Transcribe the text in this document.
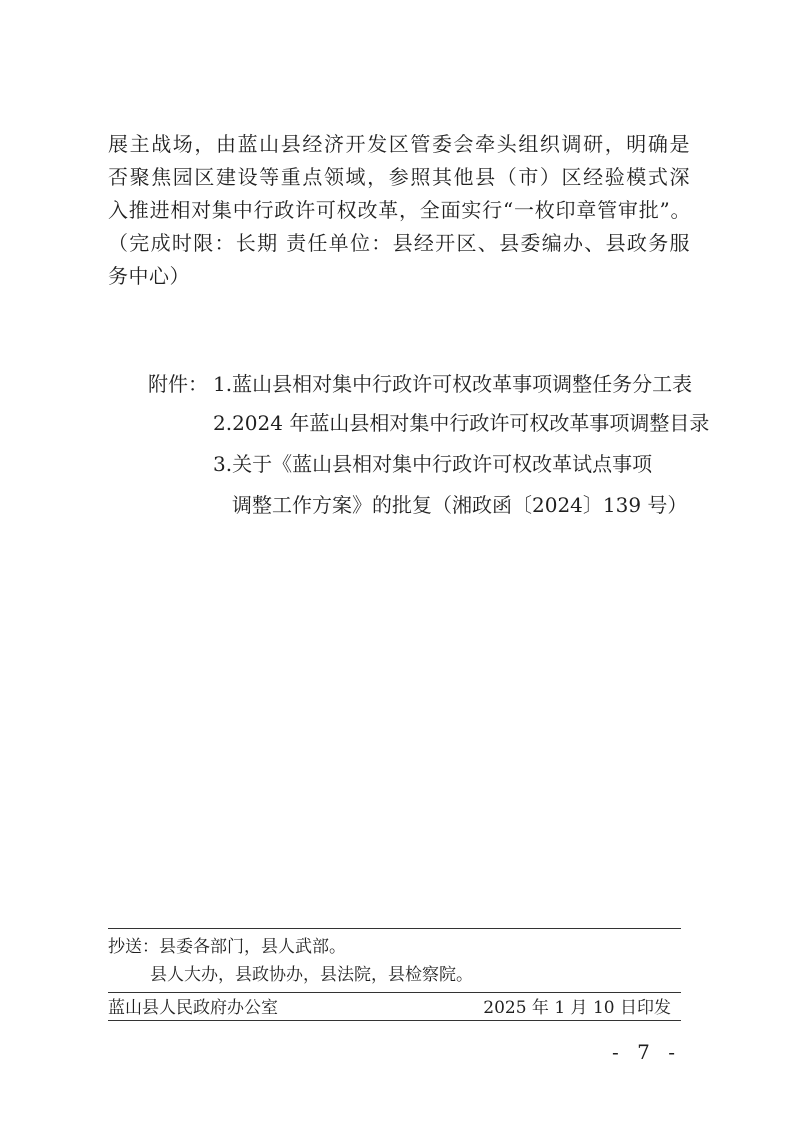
展主战场，由蓝山县经济开发区管委会牵头组织调研，明确是
否聚焦园区建设等重点领域，参照其他县（市）区经验模式深
入推进相对集中行政许可权改革，全面实行“一枚印章管审批”。
（完成时限：长期 责任单位：县经开区、县委编办、县政务服
务中心）
附件： 1.蓝山县相对集中行政许可权改革事项调整任务分工表
2.2024 年蓝山县相对集中行政许可权改革事项调整目录
3.关于《蓝山县相对集中行政许可权改革试点事项
调整工作方案》的批复（湘政函〔2024〕139 号）
抄送：县委各部门，县人武部。
县人大办，县政协办，县法院，县检察院。
蓝山县人民政府办公室	2025 年 1 月 10 日印发
- 7 -
